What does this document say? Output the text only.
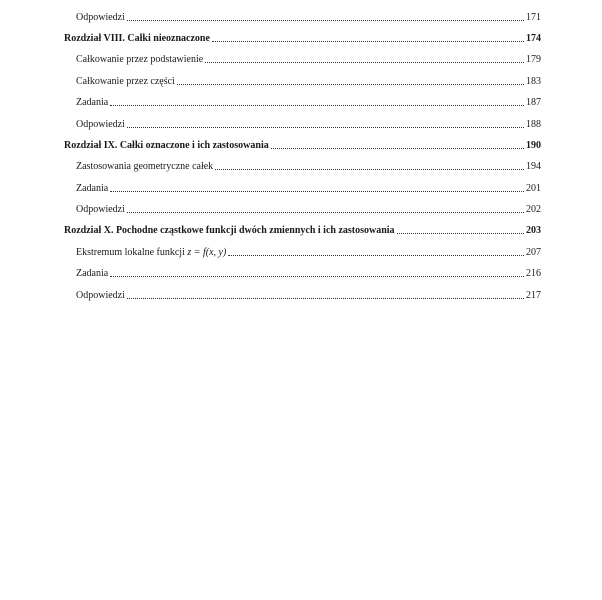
Odpowiedzi	171
Rozdział VIII. Całki nieoznaczone	174
Całkowanie przez podstawienie	179
Całkowanie przez części	183
Zadania	187
Odpowiedzi	188
Rozdział IX. Całki oznaczone i ich zastosowania	190
Zastosowania geometryczne całek	194
Zadania	201
Odpowiedzi	202
Rozdział X. Pochodne cząstkowe funkcji dwóch zmiennych i ich zastosowania	203
Ekstremum lokalne funkcji z = f(x, y)	207
Zadania	216
Odpowiedzi	217
